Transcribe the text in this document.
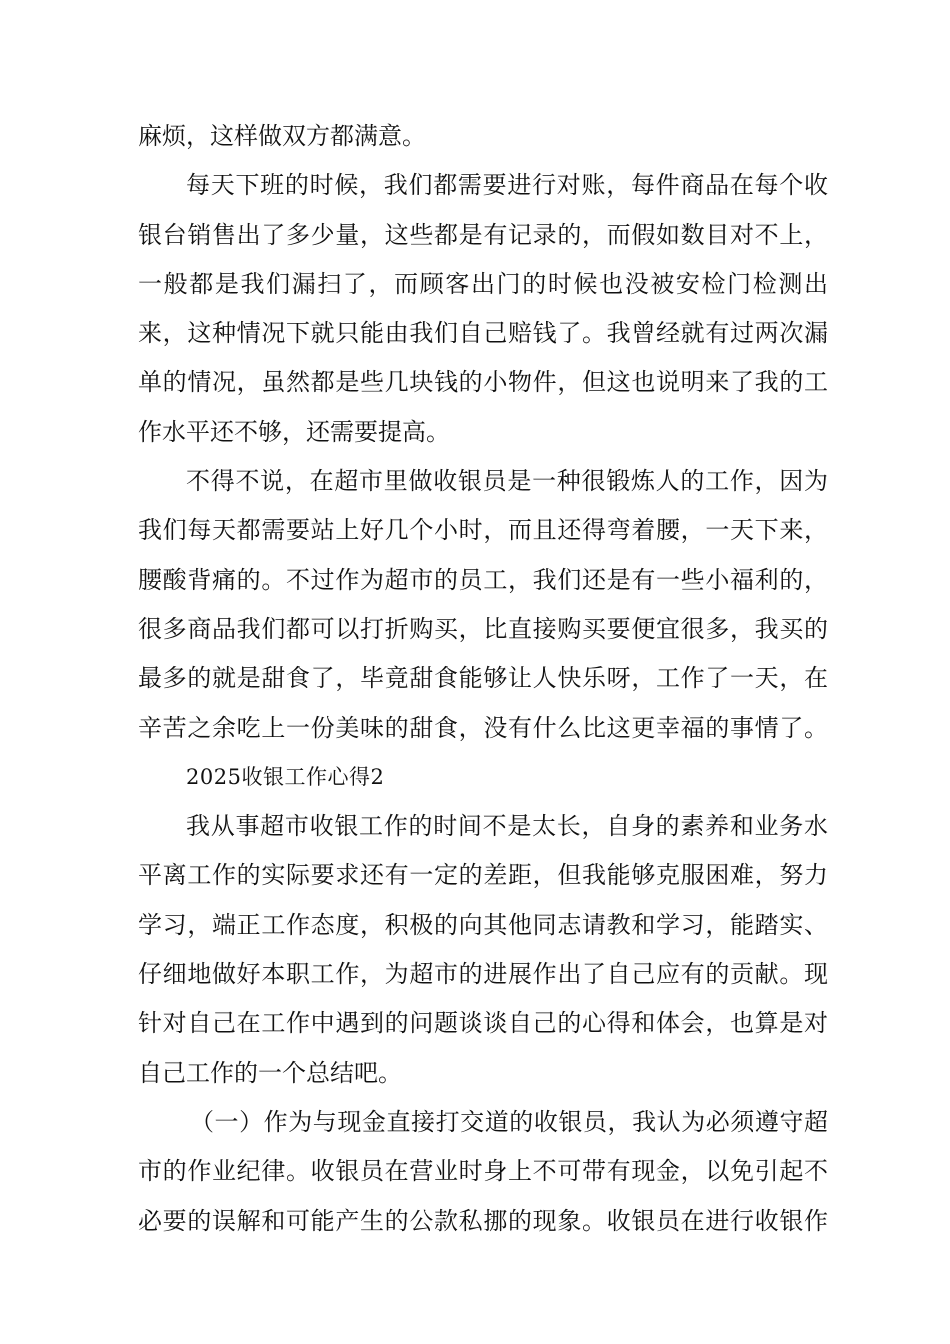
麻烦，这样做双方都满意。
每天下班的时候，我们都需要进行对账，每件商品在每个收
银台销售出了多少量，这些都是有记录的，而假如数目对不上，
一般都是我们漏扫了，而顾客出门的时候也没被安检门检测出
来，这种情况下就只能由我们自己赔钱了。我曾经就有过两次漏
单的情况，虽然都是些几块钱的小物件，但这也说明来了我的工
作水平还不够，还需要提高。
不得不说，在超市里做收银员是一种很锻炼人的工作，因为
我们每天都需要站上好几个小时，而且还得弯着腰，一天下来，
腰酸背痛的。不过作为超市的员工，我们还是有一些小福利的，
很多商品我们都可以打折购买，比直接购买要便宜很多，我买的
最多的就是甜食了，毕竟甜食能够让人快乐呀，工作了一天，在
辛苦之余吃上一份美味的甜食，没有什么比这更幸福的事情了。
2025收银工作心得2
我从事超市收银工作的时间不是太长，自身的素养和业务水
平离工作的实际要求还有一定的差距，但我能够克服困难，努力
学习，端正工作态度，积极的向其他同志请教和学习，能踏实、
仔细地做好本职工作，为超市的进展作出了自己应有的贡献。现
针对自己在工作中遇到的问题谈谈自己的心得和体会，也算是对
自己工作的一个总结吧。
（一）作为与现金直接打交道的收银员，我认为必须遵守超
市的作业纪律。收银员在营业时身上不可带有现金，以免引起不
必要的误解和可能产生的公款私挪的现象。收银员在进行收银作
